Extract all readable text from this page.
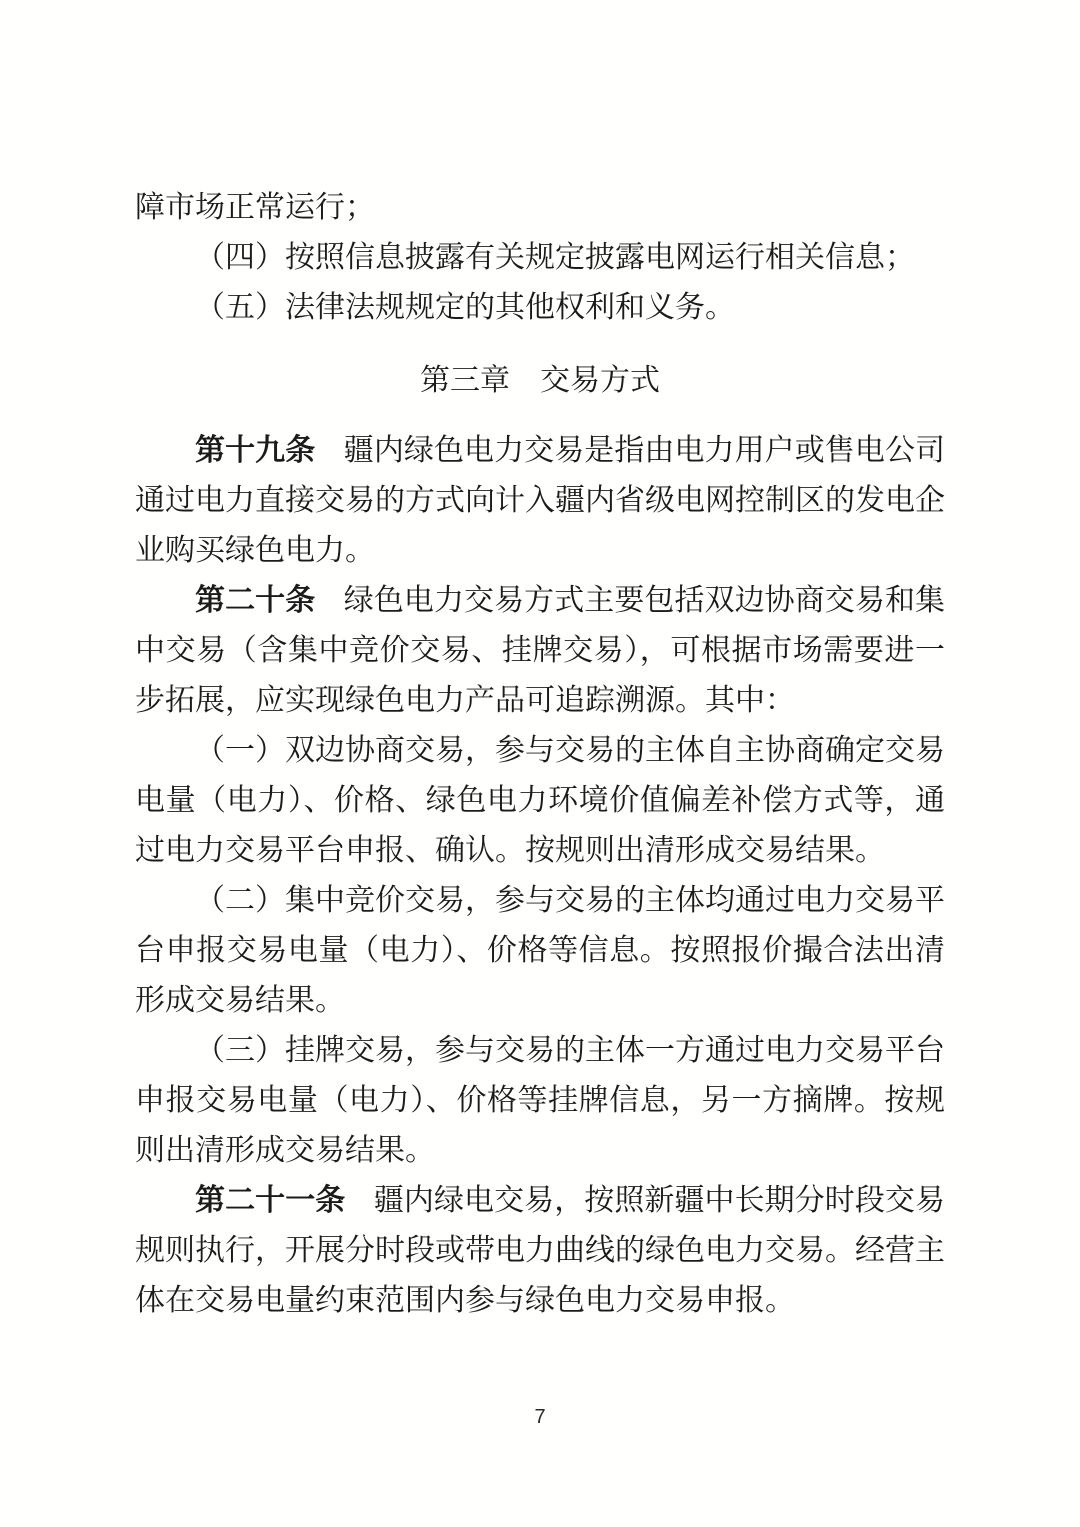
障市场正常运行；

（四）按照信息披露有关规定披露电网运行相关信息；

（五）法律法规规定的其他权利和义务。

第三章　交易方式

第十九条 疆内绿色电力交易是指由电力用户或售电公司通过电力直接交易的方式向计入疆内省级电网控制区的发电企业购买绿色电力。

第二十条 绿色电力交易方式主要包括双边协商交易和集中交易（含集中竞价交易、挂牌交易），可根据市场需要进一步拓展，应实现绿色电力产品可追踪溯源。其中：

（一）双边协商交易，参与交易的主体自主协商确定交易电量（电力）、价格、绿色电力环境价值偏差补偿方式等，通过电力交易平台申报、确认。按规则出清形成交易结果。

（二）集中竞价交易，参与交易的主体均通过电力交易平台申报交易电量（电力）、价格等信息。按照报价撮合法出清形成交易结果。

（三）挂牌交易，参与交易的主体一方通过电力交易平台申报交易电量（电力）、价格等挂牌信息，另一方摘牌。按规则出清形成交易结果。

第二十一条 疆内绿电交易，按照新疆中长期分时段交易规则执行，开展分时段或带电力曲线的绿色电力交易。经营主体在交易电量约束范围内参与绿色电力交易申报。

7
